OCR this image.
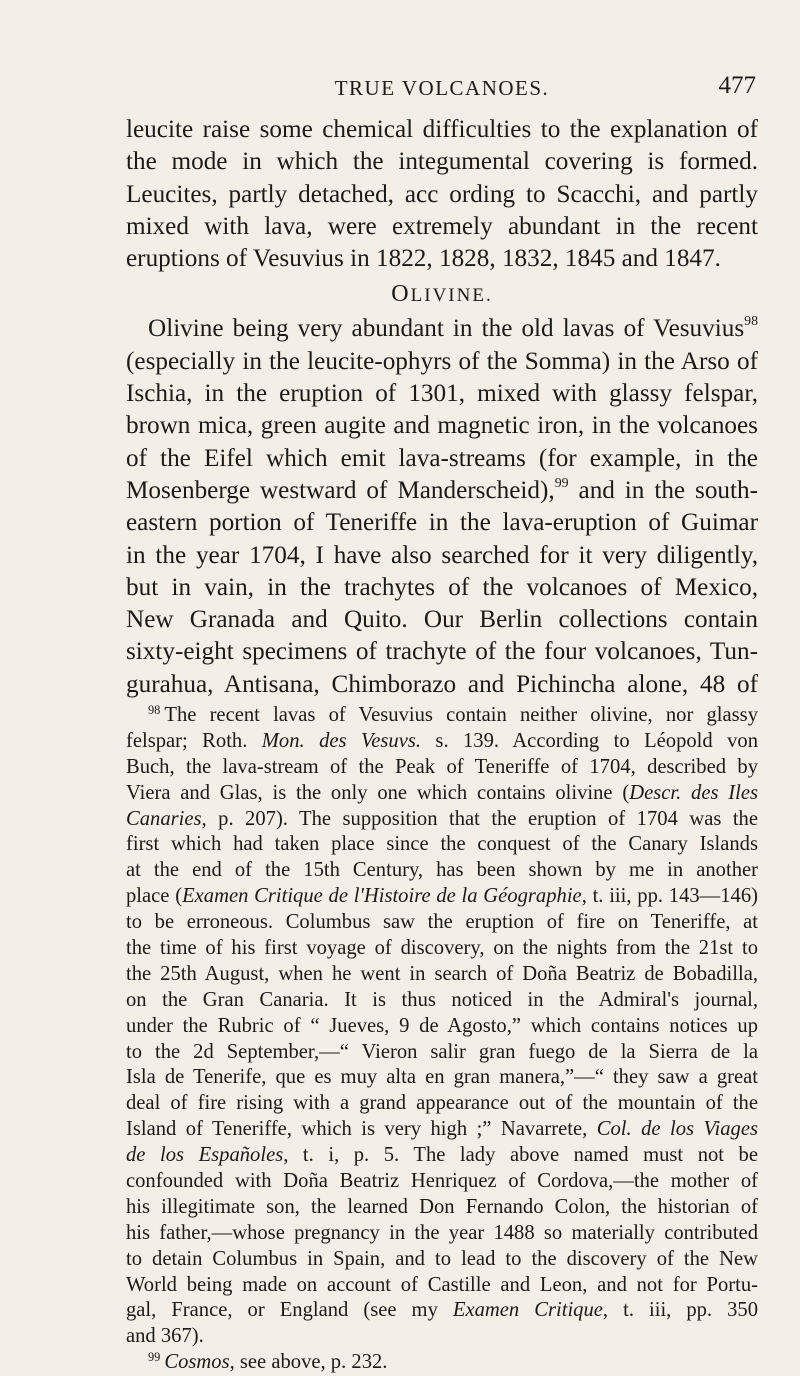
TRUE VOLCANOES.	477
leucite raise some chemical difficulties to the explanation of
the mode in which the integumental covering is formed.
Leucites, partly detached, acc ording to Scacchi, and partly
mixed with lava, were extremely abundant in the recent
eruptions of Vesuvius in 1822, 1828, 1832, 1845 and 1847.
OLIVINE.
Olivine being very abundant in the old lavas of Vesuvius$^{98}$
(especially in the leucite-ophyrs of the Somma) in the Arso of
Ischia, in the eruption of 1301, mixed with glassy felspar,
brown mica, green augite and magnetic iron, in the volcanoes
of the Eifel which emit lava-streams (for example, in the
Mosenberge westward of Manderscheid),$^{99}$ and in the south-
eastern portion of Teneriffe in the lava-eruption of Guimar
in the year 1704, I have also searched for it very diligently,
but in vain, in the trachytes of the volcanoes of Mexico,
New Granada and Quito. Our Berlin collections contain
sixty-eight specimens of trachyte of the four volcanoes, Tun-
gurahua, Antisana, Chimborazo and Pichincha alone, 48 of
$^{98}$ The recent lavas of Vesuvius contain neither olivine, nor glassy
felspar; Roth. Mon. des Vesuvs. s. 139. According to Léopold von
Buch, the lava-stream of the Peak of Teneriffe of 1704, described by
Viera and Glas, is the only one which contains olivine (Descr. des Iles
Canaries, p. 207). The supposition that the eruption of 1704 was the
first which had taken place since the conquest of the Canary Islands
at the end of the 15th Century, has been shown by me in another
place (Examen Critique de l'Histoire de la Géographie, t. iii, pp. 143—146)
to be erroneous. Columbus saw the eruption of fire on Teneriffe, at
the time of his first voyage of discovery, on the nights from the 21st to
the 25th August, when he went in search of Doña Beatriz de Bobadilla,
on the Gran Canaria. It is thus noticed in the Admiral's journal,
under the Rubric of “ Jueves, 9 de Agosto,” which contains notices up
to the 2d September,—“ Vieron salir gran fuego de la Sierra de la
Isla de Tenerife, que es muy alta en gran manera,”—“ they saw a great
deal of fire rising with a grand appearance out of the mountain of the
Island of Teneriffe, which is very high ;” Navarrete, Col. de los Viages
de los Españoles, t. i, p. 5. The lady above named must not be
confounded with Doña Beatriz Henriquez of Cordova,—the mother of
his illegitimate son, the learned Don Fernando Colon, the historian of
his father,—whose pregnancy in the year 1488 so materially contributed
to detain Columbus in Spain, and to lead to the discovery of the New
World being made on account of Castille and Leon, and not for Portu-
gal, France, or England (see my Examen Critique, t. iii, pp. 350
and 367).
$^{99}$ Cosmos, see above, p. 232.
